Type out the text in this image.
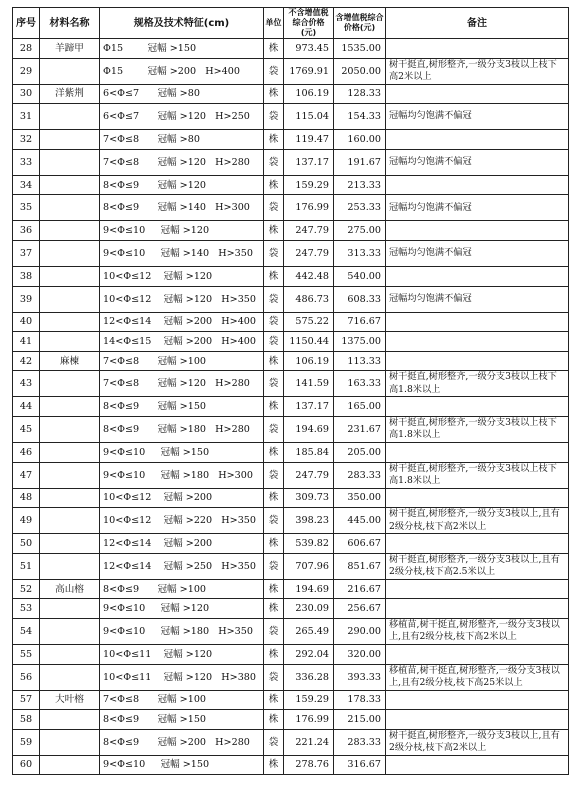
序号	材料名称	规格及技术特征(cm)	单位	不含增值税综合价格(元)	含增值税综合价格(元)	备注
28	羊蹄甲	Φ15        冠幅 >150	株	973.45	1535.00	
29		Φ15        冠幅 >200   H>400	袋	1769.91	2050.00	树干挺直,树形整齐,一级分支3枝以上枝下高2米以上
30	洋紫荆	6<Φ≤7      冠幅 >80	株	106.19	128.33	
31		6<Φ≤7      冠幅 >120   H>250	袋	115.04	154.33	冠幅均匀饱满不偏冠
32		7<Φ≤8      冠幅 >80	株	119.47	160.00	
33		7<Φ≤8      冠幅 >120   H>280	袋	137.17	191.67	冠幅均匀饱满不偏冠
34		8<Φ≤9      冠幅 >120	株	159.29	213.33	
35		8<Φ≤9      冠幅 >140   H>300	袋	176.99	253.33	冠幅均匀饱满不偏冠
36		9<Φ≤10     冠幅 >120	株	247.79	275.00	
37		9<Φ≤10     冠幅 >140   H>350	袋	247.79	313.33	冠幅均匀饱满不偏冠
38		10<Φ≤12    冠幅 >120	株	442.48	540.00	
39		10<Φ≤12    冠幅 >120   H>350	袋	486.73	608.33	冠幅均匀饱满不偏冠
40		12<Φ≤14    冠幅 >200   H>400	袋	575.22	716.67	
41		14<Φ≤15    冠幅 >200   H>400	袋	1150.44	1375.00	
42	麻楝	7<Φ≤8      冠幅 >100	株	106.19	113.33	
43		7<Φ≤8      冠幅 >120   H>280	袋	141.59	163.33	树干挺直,树形整齐,一级分支3枝以上枝下高1.8米以上
44		8<Φ≤9      冠幅 >150	株	137.17	165.00	
45		8<Φ≤9      冠幅 >180   H>280	袋	194.69	231.67	树干挺直,树形整齐,一级分支3枝以上枝下高1.8米以上
46		9<Φ≤10     冠幅 >150	株	185.84	205.00	
47		9<Φ≤10     冠幅 >180   H>300	袋	247.79	283.33	树干挺直,树形整齐,一级分支3枝以上枝下高1.8米以上
48		10<Φ≤12    冠幅 >200	株	309.73	350.00	
49		10<Φ≤12    冠幅 >220   H>350	袋	398.23	445.00	树干挺直,树形整齐,一级分支3枝以上,且有2级分枝,枝下高2米以上
50		12<Φ≤14    冠幅 >200	株	539.82	606.67	
51		12<Φ≤14    冠幅 >250   H>350	袋	707.96	851.67	树干挺直,树形整齐,一级分支3枝以上,且有2级分枝,枝下高2.5米以上
52	高山榕	8<Φ≤9      冠幅 >100	株	194.69	216.67	
53		9<Φ≤10     冠幅 >120	株	230.09	256.67	
54		9<Φ≤10     冠幅 >180   H>350	袋	265.49	290.00	移植苗,树干挺直,树形整齐,一级分支3枝以上,且有2级分枝,枝下高2米以上
55		10<Φ≤11    冠幅 >120	株	292.04	320.00	
56		10<Φ≤11    冠幅 >120   H>380	袋	336.28	393.33	移植苗,树干挺直,树形整齐,一级分支3枝以上,且有2级分枝,枝下高25米以上
57	大叶榕	7<Φ≤8      冠幅 >100	株	159.29	178.33	
58		8<Φ≤9      冠幅 >150	株	176.99	215.00	
59		8<Φ≤9      冠幅 >200   H>280	袋	221.24	283.33	树干挺直,树形整齐,一级分支3枝以上,且有2级分枝,枝下高2米以上
60		9<Φ≤10     冠幅 >150	株	278.76	316.67	
